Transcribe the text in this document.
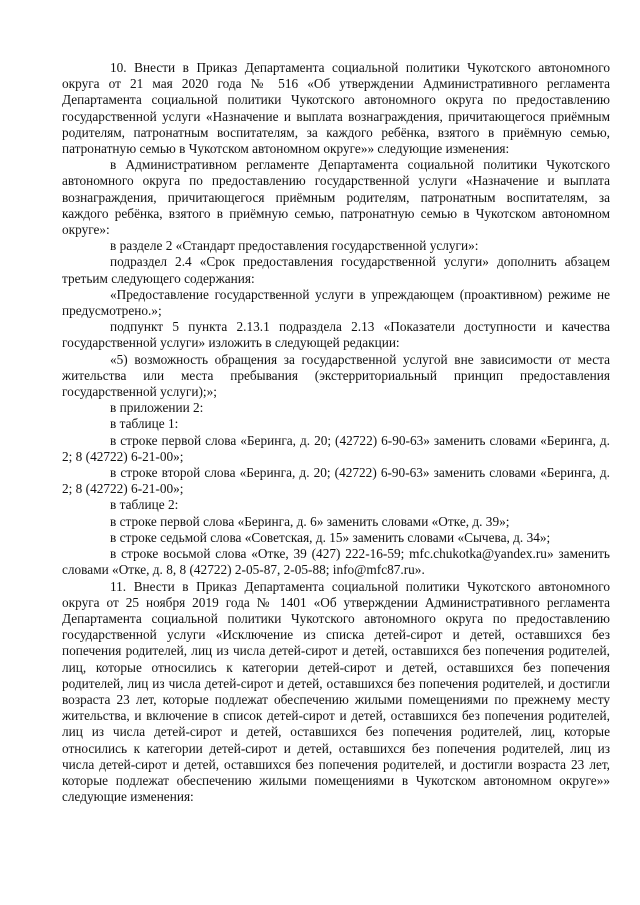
10. Внести в Приказ Департамента социальной политики Чукотского автономного округа от 21 мая 2020 года № 516 «Об утверждении Административного регламента Департамента социальной политики Чукотского автономного округа по предоставлению государственной услуги «Назначение и выплата вознаграждения, причитающегося приёмным родителям, патронатным воспитателям, за каждого ребёнка, взятого в приёмную семью, патронатную семью в Чукотском автономном округе»» следующие изменения:

в Административном регламенте Департамента социальной политики Чукотского автономного округа по предоставлению государственной услуги «Назначение и выплата вознаграждения, причитающегося приёмным родителям, патронатным воспитателям, за каждого ребёнка, взятого в приёмную семью, патронатную семью в Чукотском автономном округе»:

в разделе 2 «Стандарт предоставления государственной услуги»:

подраздел 2.4 «Срок предоставления государственной услуги» дополнить абзацем третьим следующего содержания:

«Предоставление государственной услуги в упреждающем (проактивном) режиме не предусмотрено.»;

подпункт 5 пункта 2.13.1 подраздела 2.13 «Показатели доступности и качества государственной услуги» изложить в следующей редакции:

«5) возможность обращения за государственной услугой вне зависимости от места жительства или места пребывания (экстерриториальный принцип предоставления государственной услуги);»;

в приложении 2:

в таблице 1:

в строке первой слова «Беринга, д. 20; (42722) 6-90-63» заменить словами «Беринга, д. 2; 8 (42722) 6-21-00»;

в строке второй слова «Беринга, д. 20; (42722) 6-90-63» заменить словами «Беринга, д. 2; 8 (42722) 6-21-00»;

в таблице 2:

в строке первой слова «Беринга, д. 6» заменить словами «Отке, д. 39»;

в строке седьмой слова «Советская, д. 15» заменить словами «Сычева, д. 34»;

в строке восьмой слова «Отке, 39 (427) 222-16-59; mfc.chukotka@yandex.ru» заменить словами «Отке, д. 8, 8 (42722) 2-05-87, 2-05-88; info@mfc87.ru».

11. Внести в Приказ Департамента социальной политики Чукотского автономного округа от 25 ноября 2019 года № 1401 «Об утверждении Административного регламента Департамента социальной политики Чукотского автономного округа по предоставлению государственной услуги «Исключение из списка детей-сирот и детей, оставшихся без попечения родителей, лиц из числа детей-сирот и детей, оставшихся без попечения родителей, лиц, которые относились к категории детей-сирот и детей, оставшихся без попечения родителей, лиц из числа детей-сирот и детей, оставшихся без попечения родителей, и достигли возраста 23 лет, которые подлежат обеспечению жилыми помещениями по прежнему месту жительства, и включение в список детей-сирот и детей, оставшихся без попечения родителей, лиц из числа детей-сирот и детей, оставшихся без попечения родителей, лиц, которые относились к категории детей-сирот и детей, оставшихся без попечения родителей, лиц из числа детей-сирот и детей, оставшихся без попечения родителей, и достигли возраста 23 лет, которые подлежат обеспечению жилыми помещениями в Чукотском автономном округе»» следующие изменения:
